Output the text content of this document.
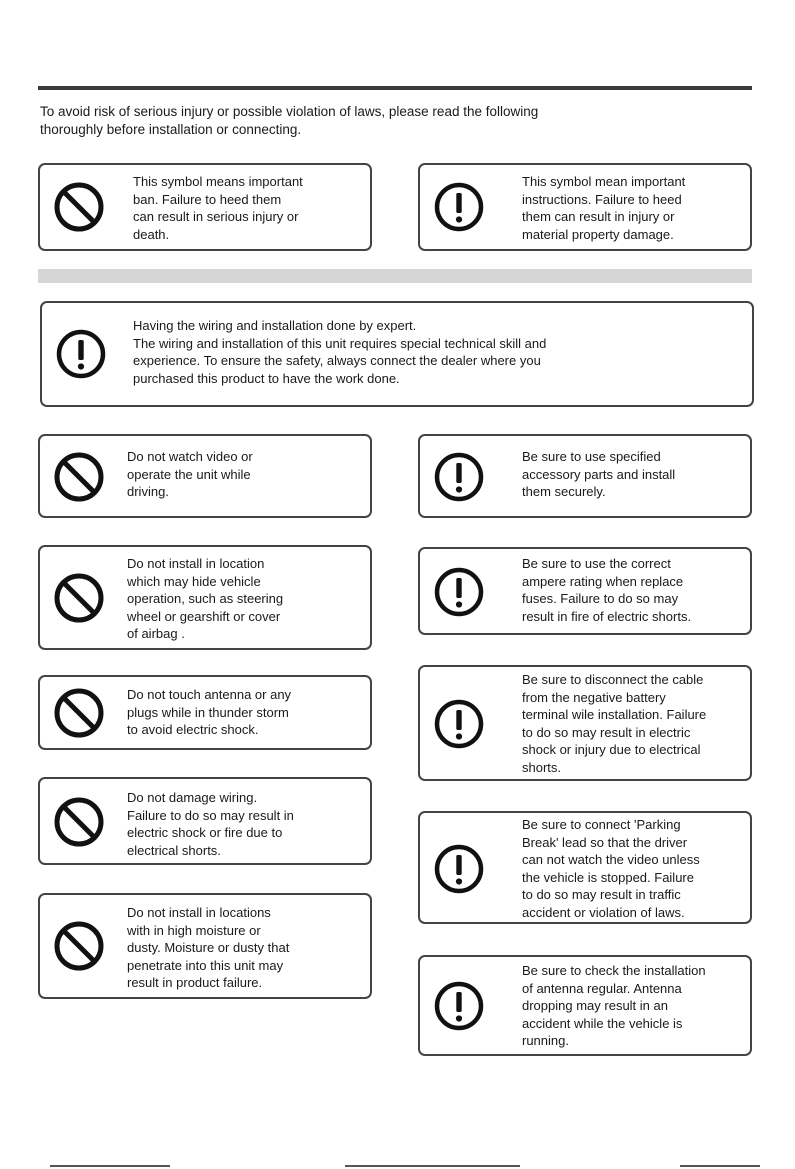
To avoid risk of serious injury or possible violation of laws, please read the following
thoroughly before installation or connecting.

This symbol means important
ban. Failure to heed them
can result in serious injury or
death.

This symbol mean important
instructions. Failure to heed
them can result in injury or
material property damage.

Having the wiring and installation done by expert.
The wiring and installation of this unit requires special technical skill and
experience. To ensure the safety, always connect the dealer where you
purchased this product to have the work done.

Do not watch video or
operate the unit while
driving.

Do not install in location
which may hide vehicle
operation, such as steering
wheel or gearshift or cover
of airbag .

Do not touch antenna or any
plugs while in thunder storm
to avoid electric shock.

Do not damage wiring.
Failure to do so may result in
electric shock or fire due to
electrical shorts.

Do not install in locations
with in high moisture or
dusty. Moisture or dusty that
penetrate into this unit may
result in product failure.

Be sure to use specified
accessory parts and install
them securely.

Be sure to use the correct
ampere rating when replace
fuses. Failure to do so may
result in fire of electric shorts.

Be sure to disconnect the cable
from the negative battery
terminal wile installation. Failure
to do so may result in electric
shock or injury due to electrical
shorts.

Be sure to connect 'Parking
Break' lead so that the driver
can not watch the video unless
the vehicle is stopped. Failure
to do so may result in traffic
accident or violation of laws.

Be sure to check the installation
of antenna regular. Antenna
dropping may result in an
accident while the vehicle is
running.
